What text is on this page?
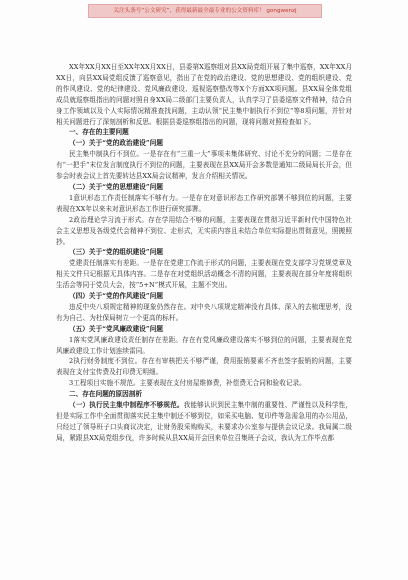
关注头条号“公文研究”，获得最新最全最专业的公文资料库！ gongwenzj

XX年XX月XX日至XX年XX月XX日，县委第X巡察组对县XX局党组开展了集中巡察，XX年XX月XX日，向县XX局党组反馈了巡察意见，指出了在党的政治建设、党的思想建设、党的组织建设、党的作风建设、党的纪律建设、党风廉政建设、巡视巡察整改等X个方面XX项问题。县XX局全体党组成员就巡察组指出的问题对照自身XX局二级部门主要负责人，认真学习了县委巡察文件精神，结合自身工作领域以及个人实际情况精准查找问题，主动认领“民主集中制执行不到位”等8项问题，并针对相关问题进行了深刻剖析和反思。根据县委巡察组指出的问题，现将问题对照检查如下。

一、存在的主要问题

（一）关于“党的政治建设”问题

民主集中制执行不到位。一是存在有“三重一大”事项未集体研究、讨论不充分的问题；二是存在有“一把手”末位发言制度执行不到位的问题，主要表现在县XX局开会多数是通知二级局局长开会，但参会时表会议上首先要转达县XX局会议精神，发言介绍相关情况。

（二）关于“党的思想建设”问题

1意识形态工作责任制落实不够有力。一是存在对意识形态工作研究部署不够到位的问题，主要表现在XX年以来未对意识形态工作进行研究部署。

2政治理论学习流于形式。存在学用结合不够的问题，主要表现在贯彻习近平新时代中国特色社会主义思想及各级党代会精神不到位、走形式，无实质内容且未结合单位实际提出贯彻意见，照搬照抄。

（三）关于“党的组织建设”问题

党建责任制落实有差距。一是存在党建工作流于形式的问题，主要表现在党支部学习党规党章及相关文件只记根据无具体内容。二是存在对党组织活动概念不清的问题，主要表现在部分年度将组织生活会等同于党员大会，按“5+N”模式开展，主题不突出。

（四）关于“党的作风建设”问题

违反中央八项规定精神的现象仍然存在。对中央八项规定精神没有具体、深入的去梳理思考，没有为自己、为杜保局树立一个更高的标杆。

（五）关于“党风廉政建设”问题

1落实党风廉政建设责任制存在差距。存在有党风廉政建设落实不够到位的问题，主要表现在党风廉政建设工作计划连续雷同。

2执行财务制度不到位。存在有审核把关不够严谨，费用报销要素不齐也签字报销的问题，主要表现在支付宝传费及打印费无明细。

3工程项目实施不规范。主要表现在支付房屋维修费，补偿费无合同和验收记录。

二、存在问题的原因剖析

（一）执行民主集中制程序不够规范。我能够认识到民主集中制的重要性、严谨性以及科学性，但是实际工作中全面贯彻落实民主集中制还不够到位，如采买电脑、复印件等急需急用的办公用品，只经过了领导班子口头商议决定，让财务股采购购买，未要求办公室参与提供会议记录。我局属二级局，紧跟县XX局党组步伐，许多时候从县XX局开会回来单位召集班子会议，我认为工作毕点都
